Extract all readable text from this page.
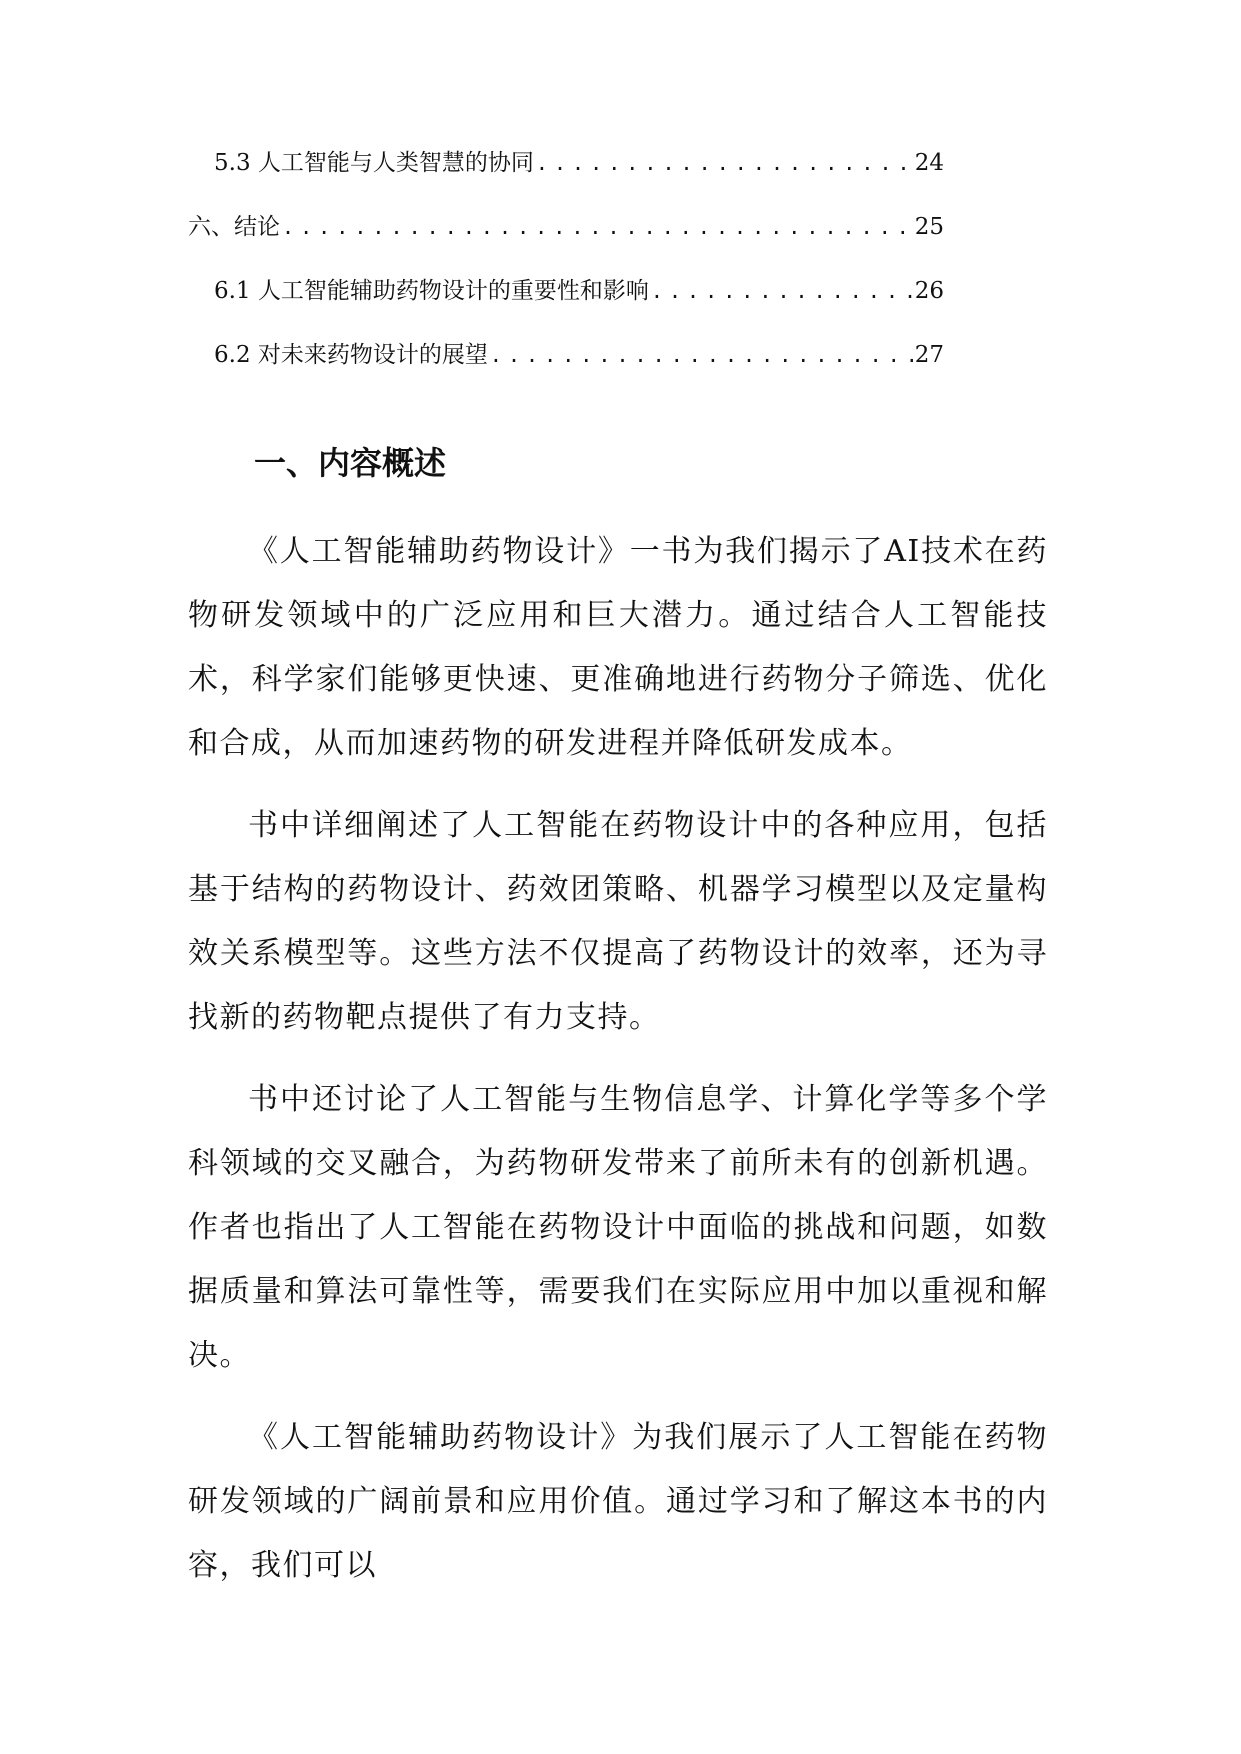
5.3 人工智能与人类智慧的协同 . . .	24
六、结论 . . .	25
6.1 人工智能辅助药物设计的重要性和影响 . . .	26
6.2 对未来药物设计的展望 . . .	27
一、内容概述

《人工智能辅助药物设计》一书为我们揭示了AI技术在药物研发领域中的广泛应用和巨大潜力。通过结合人工智能技术，科学家们能够更快速、更准确地进行药物分子筛选、优化和合成，从而加速药物的研发进程并降低研发成本。

书中详细阐述了人工智能在药物设计中的各种应用，包括基于结构的药物设计、药效团策略、机器学习模型以及定量构效关系模型等。这些方法不仅提高了药物设计的效率，还为寻找新的药物靶点提供了有力支持。

书中还讨论了人工智能与生物信息学、计算化学等多个学科领域的交叉融合，为药物研发带来了前所未有的创新机遇。作者也指出了人工智能在药物设计中面临的挑战和问题，如数据质量和算法可靠性等，需要我们在实际应用中加以重视和解决。

《人工智能辅助药物设计》为我们展示了人工智能在药物研发领域的广阔前景和应用价值。通过学习和了解这本书的内容，我们可以
